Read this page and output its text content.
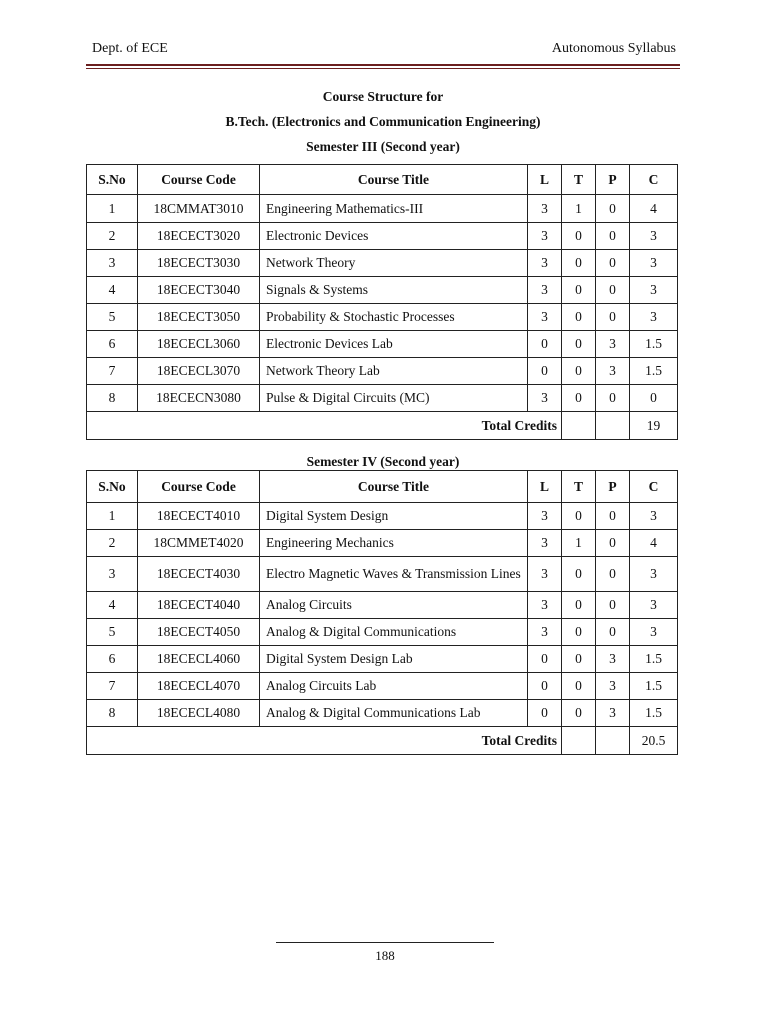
Dept. of ECE	Autonomous Syllabus
Course Structure for
B.Tech. (Electronics and Communication Engineering)
Semester III (Second year)
S.No	Course Code	Course Title	L	T	P	C
1	18CMMAT3010	Engineering Mathematics-III	3	1	0	4
2	18ECECT3020	Electronic Devices	3	0	0	3
3	18ECECT3030	Network Theory	3	0	0	3
4	18ECECT3040	Signals & Systems	3	0	0	3
5	18ECECT3050	Probability & Stochastic Processes	3	0	0	3
6	18ECECL3060	Electronic Devices Lab	0	0	3	1.5
7	18ECECL3070	Network Theory Lab	0	0	3	1.5
8	18ECECN3080	Pulse & Digital Circuits (MC)	3	0	0	0
Total Credits						19
Semester IV (Second year)
S.No	Course Code	Course Title	L	T	P	C
1	18ECECT4010	Digital System Design	3	0	0	3
2	18CMMET4020	Engineering Mechanics	3	1	0	4
3	18ECECT4030	Electro Magnetic Waves & Transmission Lines	3	0	0	3
4	18ECECT4040	Analog Circuits	3	0	0	3
5	18ECECT4050	Analog & Digital Communications	3	0	0	3
6	18ECECL4060	Digital System Design Lab	0	0	3	1.5
7	18ECECL4070	Analog Circuits Lab	0	0	3	1.5
8	18ECECL4080	Analog & Digital Communications Lab	0	0	3	1.5
Total Credits						20.5
188
